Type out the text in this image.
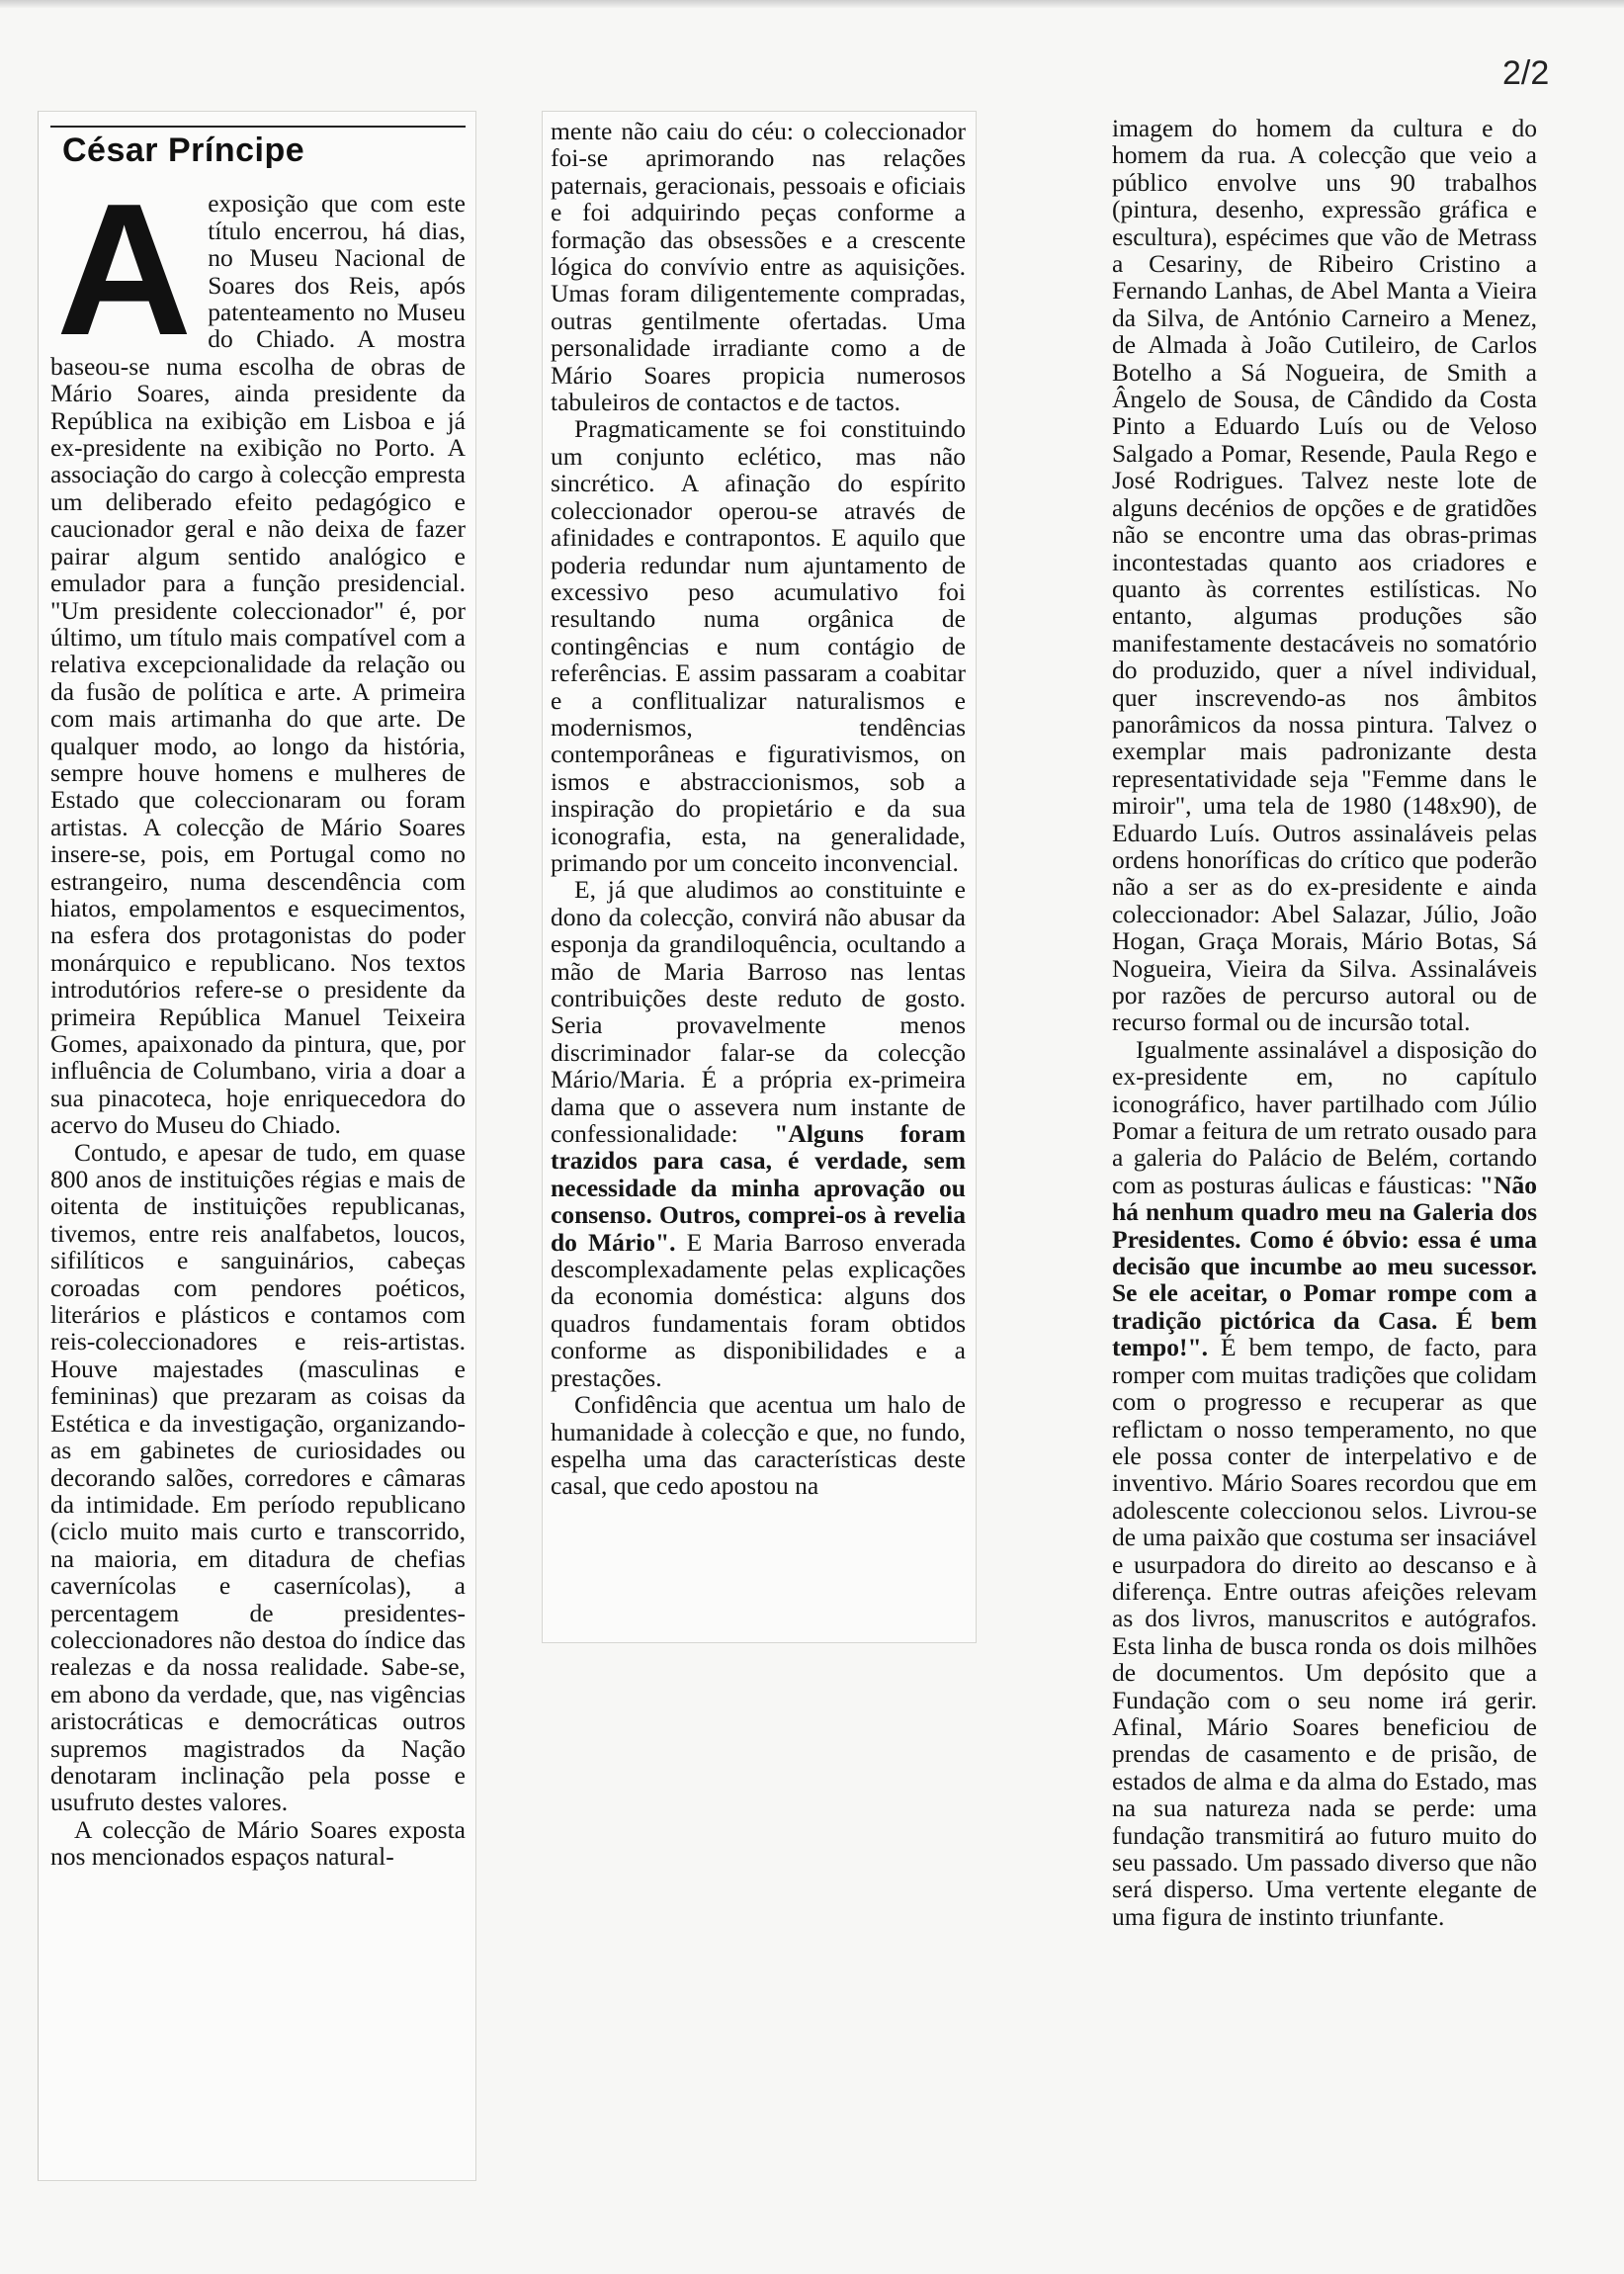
2/2
César Príncipe
A exposição que com este título encerrou, há dias, no Museu Nacional de Soares dos Reis, após patenteamento no Museu do Chiado. A mostra baseou-se numa escolha de obras de Mário Soares, ainda presidente da República na exibição em Lisboa e já ex-presidente na exibição no Porto. A associação do cargo à colecção empresta um deliberado efeito pedagógico e caucionador geral e não deixa de fazer pairar algum sentido analógico e emulador para a função presidencial. "Um presidente coleccionador" é, por último, um título mais compatível com a relativa excepcionalidade da relação ou da fusão de política e arte. A primeira com mais artimanha do que arte. De qualquer modo, ao longo da história, sempre houve homens e mulheres de Estado que coleccionaram ou foram artistas. A colecção de Mário Soares insere-se, pois, em Portugal como no estrangeiro, numa descendência com hiatos, empolamentos e esquecimentos, na esfera dos protagonistas do poder monárquico e republicano. Nos textos introdutórios refere-se o presidente da primeira República Manuel Teixeira Gomes, apaixonado da pintura, que, por influência de Columbano, viria a doar a sua pinacoteca, hoje enriquecedora do acervo do Museu do Chiado.

Contudo, e apesar de tudo, em quase 800 anos de instituições régias e mais de oitenta de instituições republicanas, tivemos, entre reis analfabetos, loucos, sifilíticos e sanguinários, cabeças coroadas com pendores poéticos, literários e plásticos e contamos com reis-coleccionadores e reis-artistas. Houve majestades (masculinas e femininas) que prezaram as coisas da Estética e da investigação, organizando-as em gabinetes de curiosidades ou decorando salões, corredores e câmaras da intimidade. Em período republicano (ciclo muito mais curto e transcorrido, na maioria, em ditadura de chefias cavernícolas e casernícolas), a percentagem de presidentes-coleccionadores não destoa do índice das realezas e da nossa realidade. Sabe-se, em abono da verdade, que, nas vigências aristocráticas e democráticas outros supremos magistrados da Nação denotaram inclinação pela posse e usufruto destes valores.

A colecção de Mário Soares exposta nos mencionados espaços natural-

mente não caiu do céu: o coleccionador foi-se aprimorando nas relações paternais, geracionais, pessoais e oficiais e foi adquirindo peças conforme a formação das obsessões e a crescente lógica do convívio entre as aquisições. Umas foram diligentemente compradas, outras gentilmente ofertadas. Uma personalidade irradiante como a de Mário Soares propicia numerosos tabuleiros de contactos e de tactos.

Pragmaticamente se foi constituindo um conjunto eclético, mas não sincrético. A afinação do espírito coleccionador operou-se através de afinidades e contrapontos. E aquilo que poderia redundar num ajuntamento de excessivo peso acumulativo foi resultando numa orgânica de contingências e num contágio de referências. E assim passaram a coabitar e a conflitualizar naturalismos e modernismos, tendências contemporâneas e figurativismos, on ismos e abstraccionismos, sob a inspiração do propietário e da sua iconografia, esta, na generalidade, primando por um conceito inconvencial.

E, já que aludimos ao constituinte e dono da colecção, convirá não abusar da esponja da grandiloquência, ocultando a mão de Maria Barroso nas lentas contribuições deste reduto de gosto. Seria provavelmente menos discriminador falar-se da colecção Mário/Maria. É a própria ex-primeira dama que o assevera num instante de confessionalidade: "Alguns foram trazidos para casa, é verdade, sem necessidade da minha aprovação ou consenso. Outros, comprei-os à revelia do Mário". E Maria Barroso enverada descomplexadamente pelas explicações da economia doméstica: alguns dos quadros fundamentais foram obtidos conforme as disponibilidades e a prestações.

Confidência que acentua um halo de humanidade à colecção e que, no fundo, espelha uma das características deste casal, que cedo apostou na

imagem do homem da cultura e do homem da rua. A colecção que veio a público envolve uns 90 trabalhos (pintura, desenho, expressão gráfica e escultura), espécimes que vão de Metrass a Cesariny, de Ribeiro Cristino a Fernando Lanhas, de Abel Manta a Vieira da Silva, de António Carneiro a Menez, de Almada à João Cutileiro, de Carlos Botelho a Sá Nogueira, de Smith a Ângelo de Sousa, de Cândido da Costa Pinto a Eduardo Luís ou de Veloso Salgado a Pomar, Resende, Paula Rego e José Rodrigues. Talvez neste lote de alguns decénios de opções e de gratidões não se encontre uma das obras-primas incontestadas quanto aos criadores e quanto às correntes estilísticas. No entanto, algumas produções são manifestamente destacáveis no somatório do produzido, quer a nível individual, quer inscrevendo-as nos âmbitos panorâmicos da nossa pintura. Talvez o exemplar mais padronizante desta representatividade seja "Femme dans le miroir", uma tela de 1980 (148x90), de Eduardo Luís. Outros assinaláveis pelas ordens honoríficas do crítico que poderão não a ser as do ex-presidente e ainda coleccionador: Abel Salazar, Júlio, João Hogan, Graça Morais, Mário Botas, Sá Nogueira, Vieira da Silva. Assinaláveis por razões de percurso autoral ou de recurso formal ou de incursão total.

Igualmente assinalável a disposição do ex-presidente em, no capítulo iconográfico, haver partilhado com Júlio Pomar a feitura de um retrato ousado para a galeria do Palácio de Belém, cortando com as posturas áulicas e fáusticas: "Não há nenhum quadro meu na Galeria dos Presidentes. Como é óbvio: essa é uma decisão que incumbe ao meu sucessor. Se ele aceitar, o Pomar rompe com a tradição pictórica da Casa. É bem tempo!". É bem tempo, de facto, para romper com muitas tradições que colidam com o progresso e recuperar as que reflictam o nosso temperamento, no que ele possa conter de interpelativo e de inventivo. Mário Soares recordou que em adolescente coleccionou selos. Livrou-se de uma paixão que costuma ser insaciável e usurpadora do direito ao descanso e à diferença. Entre outras afeições relevam as dos livros, manuscritos e autógrafos. Esta linha de busca ronda os dois milhões de documentos. Um depósito que a Fundação com o seu nome irá gerir. Afinal, Mário Soares beneficiou de prendas de casamento e de prisão, de estados de alma e da alma do Estado, mas na sua natureza nada se perde: uma fundação transmitirá ao futuro muito do seu passado. Um passado diverso que não será disperso. Uma vertente elegante de uma figura de instinto triunfante.
